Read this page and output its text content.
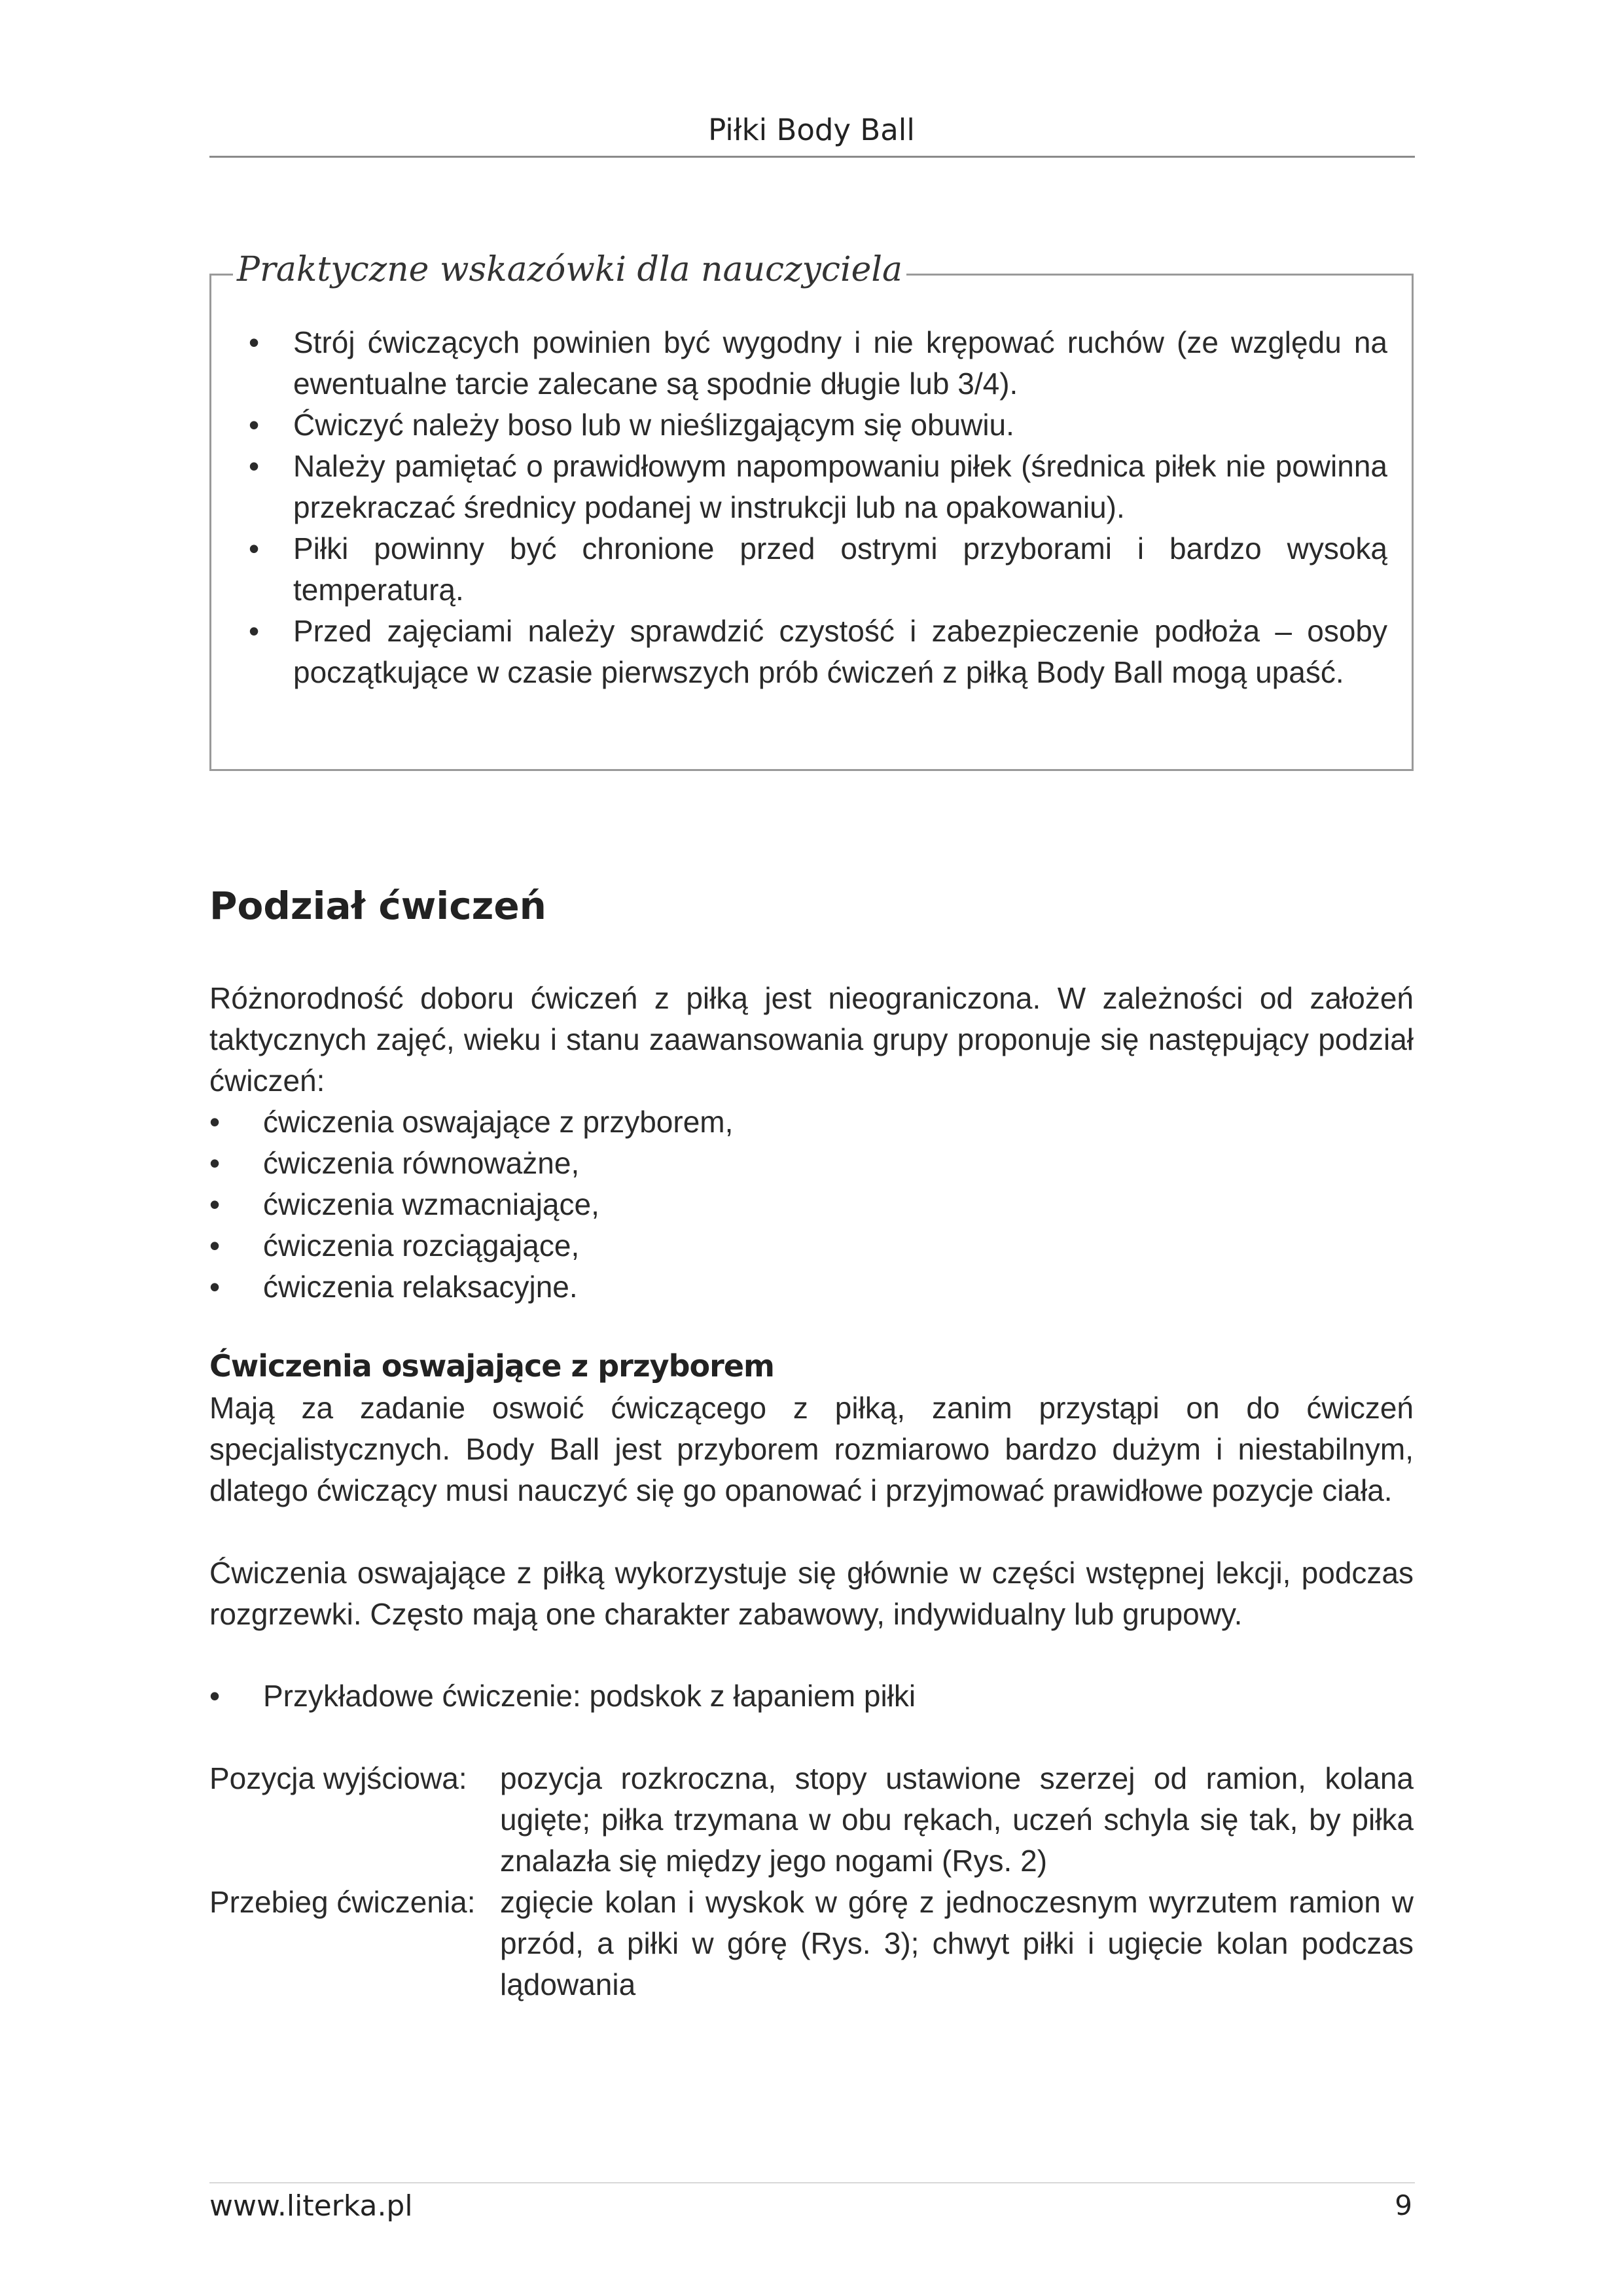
Piłki Body Ball
Praktyczne wskazówki dla nauczyciela
•	Strój ćwiczących powinien być wygodny i nie krępować ruchów (ze względu na ewentualne tarcie zalecane są spodnie długie lub 3/4).
•	Ćwiczyć należy boso lub w nieślizgającym się obuwiu.
•	Należy pamiętać o prawidłowym napompowaniu piłek (średnica piłek nie powinna przekraczać średnicy podanej w instrukcji lub na opakowaniu).
•	Piłki powinny być chronione przed ostrymi przyborami i bardzo wysoką temperaturą.
•	Przed zajęciami należy sprawdzić czystość i zabezpieczenie podłoża – osoby początkujące w czasie pierwszych prób ćwiczeń z piłką Body Ball mogą upaść.
Podział ćwiczeń

Różnorodność doboru ćwiczeń z piłką jest nieograniczona. W zależności od założeń taktycznych zajęć, wieku i stanu zaawansowania grupy proponuje się następujący podział ćwiczeń:

•	ćwiczenia oswajające z przyborem,
•	ćwiczenia równoważne,
•	ćwiczenia wzmacniające,
•	ćwiczenia rozciągające,
•	ćwiczenia relaksacyjne.
Ćwiczenia oswajające z przyborem

Mają za zadanie oswoić ćwiczącego z piłką, zanim przystąpi on do ćwiczeń specjalistycznych. Body Ball jest przyborem rozmiarowo bardzo dużym i niestabilnym, dlatego ćwiczący musi nauczyć się go opanować i przyjmować prawidłowe pozycje ciała.

Ćwiczenia oswajające z piłką wykorzystuje się głównie w części wstępnej lekcji, podczas rozgrzewki. Często mają one charakter zabawowy, indywidualny lub grupowy.

•	Przykładowe ćwiczenie: podskok z łapaniem piłki
Pozycja wyjściowa:	pozycja rozkroczna, stopy ustawione szerzej od ramion, kolana ugięte; piłka trzymana w obu rękach, uczeń schyla się tak, by piłka znalazła się między jego nogami (Rys. 2)
Przebieg ćwiczenia: zgięcie kolan i wyskok w górę z jednoczesnym wyrzutem ramion w przód, a piłki w górę (Rys. 3); chwyt piłki i ugięcie kolan podczas lądowania
www.literka.pl	9
